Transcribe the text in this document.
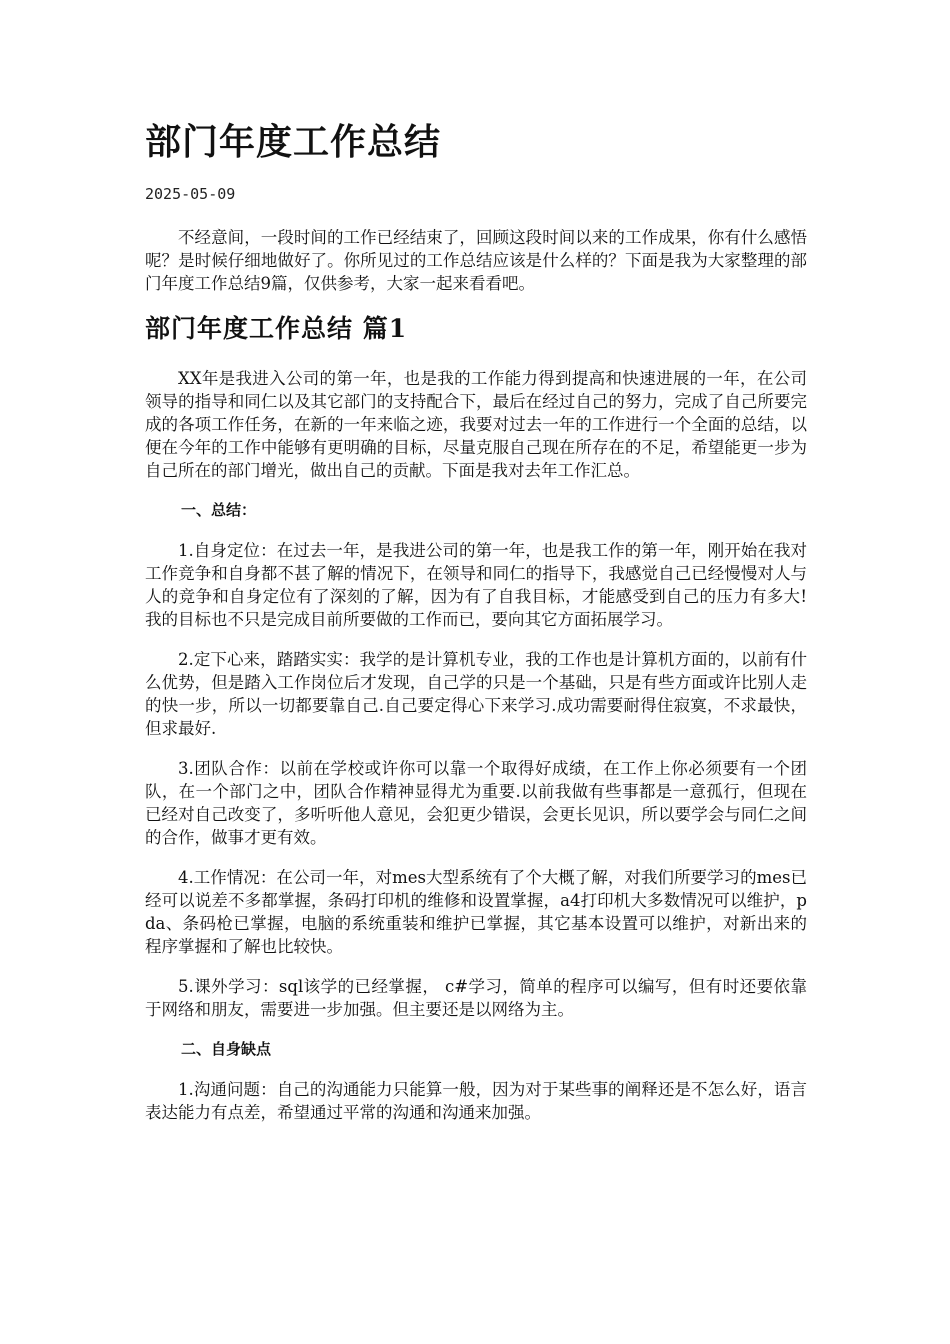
部门年度工作总结
2025-05-09

不经意间，一段时间的工作已经结束了，回顾这段时间以来的工作成果，你有什么感悟呢？是时候仔细地做好了。你所见过的工作总结应该是什么样的？下面是我为大家整理的部门年度工作总结9篇，仅供参考，大家一起来看看吧。

部门年度工作总结 篇1

XX年是我进入公司的第一年，也是我的工作能力得到提高和快速进展的一年，在公司领导的指导和同仁以及其它部门的支持配合下，最后在经过自己的努力，完成了自己所要完成的各项工作任务，在新的一年来临之迹，我要对过去一年的工作进行一个全面的总结，以便在今年的工作中能够有更明确的目标，尽量克服自己现在所存在的不足，希望能更一步为自己所在的部门增光，做出自己的贡献。下面是我对去年工作汇总。

一、总结：

1.自身定位：在过去一年，是我进公司的第一年，也是我工作的第一年，刚开始在我对工作竞争和自身都不甚了解的情况下，在领导和同仁的指导下，我感觉自己已经慢慢对人与人的竞争和自身定位有了深刻的了解，因为有了自我目标，才能感受到自己的压力有多大!我的目标也不只是完成目前所要做的工作而已，要向其它方面拓展学习。

2.定下心来，踏踏实实：我学的是计算机专业，我的工作也是计算机方面的，以前有什么优势，但是踏入工作岗位后才发现，自己学的只是一个基础，只是有些方面或许比别人走的快一步，所以一切都要靠自己.自己要定得心下来学习.成功需要耐得住寂寞，不求最快，但求最好.

3.团队合作：以前在学校或许你可以靠一个取得好成绩，在工作上你必须要有一个团队，在一个部门之中，团队合作精神显得尤为重要.以前我做有些事都是一意孤行，但现在已经对自己改变了，多听听他人意见，会犯更少错误，会更长见识，所以要学会与同仁之间的合作，做事才更有效。

4.工作情况：在公司一年，对mes大型系统有了个大概了解，对我们所要学习的mes已经可以说差不多都掌握，条码打印机的维修和设置掌握，a4打印机大多数情况可以维护，pda、条码枪已掌握，电脑的系统重装和维护已掌握，其它基本设置可以维护，对新出来的程序掌握和了解也比较快。

5.课外学习：sql该学的已经掌握， c#学习，简单的程序可以编写，但有时还要依靠于网络和朋友，需要进一步加强。但主要还是以网络为主。

二、自身缺点

1.沟通问题：自己的沟通能力只能算一般，因为对于某些事的阐释还是不怎么好，语言表达能力有点差，希望通过平常的沟通和沟通来加强。
